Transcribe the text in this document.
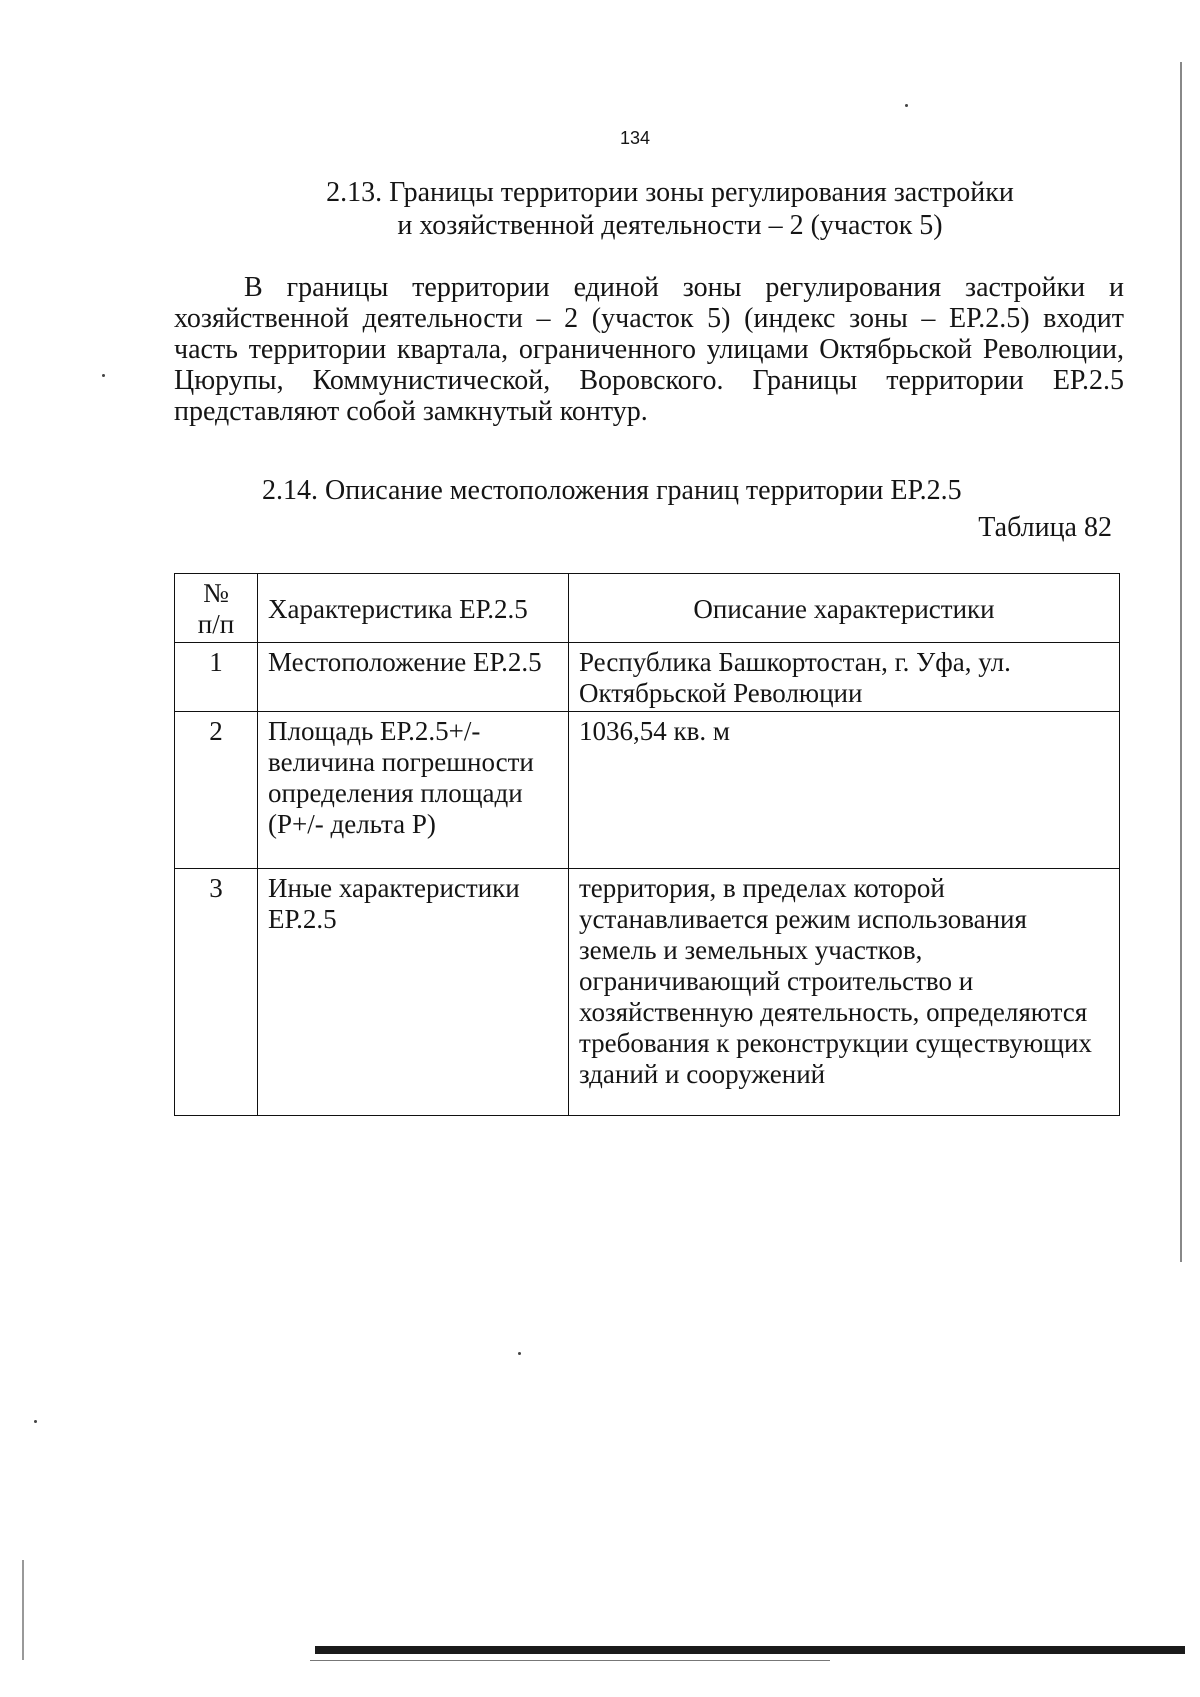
134
2.13. Границы территории зоны регулирования застройки
и хозяйственной деятельности – 2 (участок 5)

В границы территории единой зоны регулирования застройки и хозяйственной деятельности – 2 (участок 5) (индекс зоны – ЕР.2.5) входит часть территории квартала, ограниченного улицами Октябрьской Революции, Цюрупы, Коммунистической, Воровского. Границы территории ЕР.2.5 представляют собой замкнутый контур.

2.14. Описание местоположения границ территории ЕР.2.5
Таблица 82
№
п/п	Характеристика ЕР.2.5	Описание характеристики
1	Местоположение ЕР.2.5	Республика Башкортостан, г. Уфа, ул. Октябрьской Революции
2	Площадь ЕР.2.5+/- величина погрешности определения площади (Р+/- дельта Р)	1036,54 кв. м
3	Иные характеристики ЕР.2.5	территория, в пределах которой устанавливается режим использования земель и земельных участков, ограничивающий строительство и хозяйственную деятельность, определяются требования к реконструкции существующих зданий и сооружений
